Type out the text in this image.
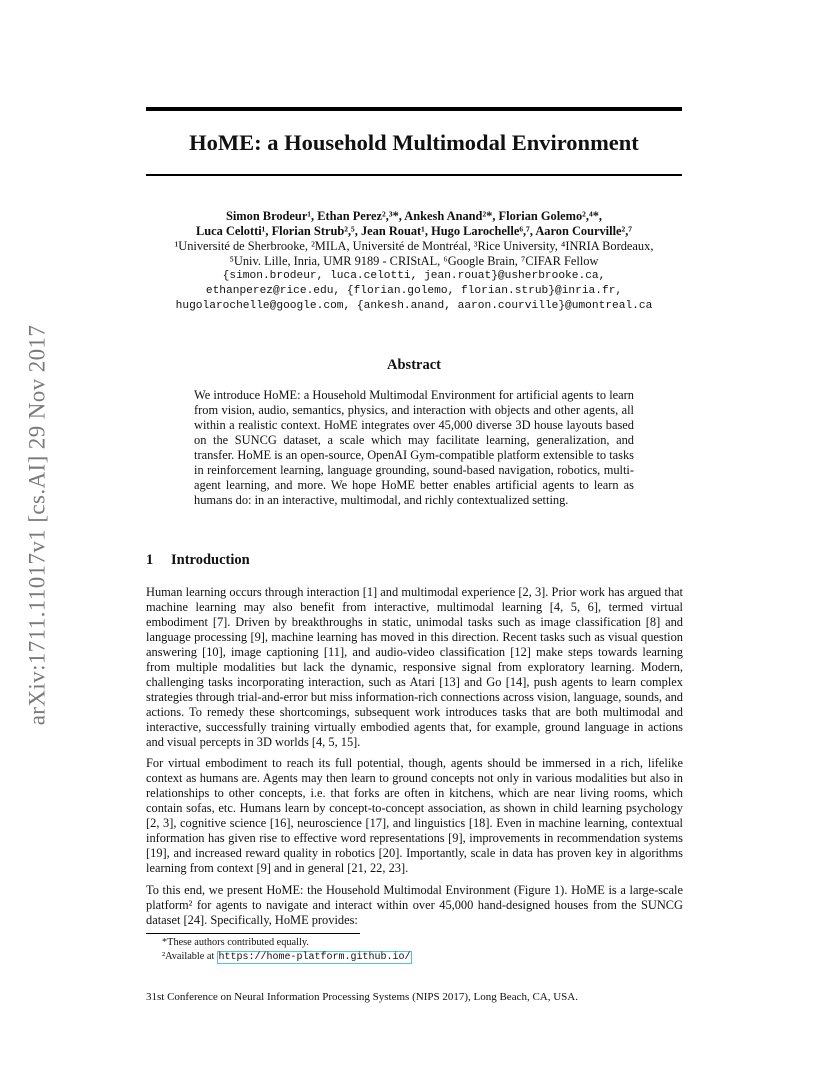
arXiv:1711.11017v1 [cs.AI] 29 Nov 2017
HoME: a Household Multimodal Environment
Simon Brodeur¹, Ethan Perez²,³*, Ankesh Anand²*, Florian Golemo²,⁴*,
Luca Celotti¹, Florian Strub²,⁵, Jean Rouat¹, Hugo Larochelle⁶,⁷, Aaron Courville²,⁷
¹Université de Sherbrooke, ²MILA, Université de Montréal, ³Rice University, ⁴INRIA Bordeaux,
⁵Univ. Lille, Inria, UMR 9189 - CRIStAL, ⁶Google Brain, ⁷CIFAR Fellow
{simon.brodeur, luca.celotti, jean.rouat}@usherbrooke.ca,
ethanperez@rice.edu, {florian.golemo, florian.strub}@inria.fr,
hugolarochelle@google.com, {ankesh.anand, aaron.courville}@umontreal.ca
Abstract

We introduce HoME: a Household Multimodal Environment for artificial agents to learn from vision, audio, semantics, physics, and interaction with objects and other agents, all within a realistic context. HoME integrates over 45,000 diverse 3D house layouts based on the SUNCG dataset, a scale which may facilitate learning, generalization, and transfer. HoME is an open-source, OpenAI Gym-compatible platform extensible to tasks in reinforcement learning, language grounding, sound-based navigation, robotics, multi-agent learning, and more. We hope HoME better enables artificial agents to learn as humans do: in an interactive, multimodal, and richly contextualized setting.

1 Introduction

Human learning occurs through interaction [1] and multimodal experience [2, 3]. Prior work has argued that machine learning may also benefit from interactive, multimodal learning [4, 5, 6], termed virtual embodiment [7]. Driven by breakthroughs in static, unimodal tasks such as image classification [8] and language processing [9], machine learning has moved in this direction. Recent tasks such as visual question answering [10], image captioning [11], and audio-video classification [12] make steps towards learning from multiple modalities but lack the dynamic, responsive signal from exploratory learning. Modern, challenging tasks incorporating interaction, such as Atari [13] and Go [14], push agents to learn complex strategies through trial-and-error but miss information-rich connections across vision, language, sounds, and actions. To remedy these shortcomings, subsequent work introduces tasks that are both multimodal and interactive, successfully training virtually embodied agents that, for example, ground language in actions and visual percepts in 3D worlds [4, 5, 15].

For virtual embodiment to reach its full potential, though, agents should be immersed in a rich, lifelike context as humans are. Agents may then learn to ground concepts not only in various modalities but also in relationships to other concepts, i.e. that forks are often in kitchens, which are near living rooms, which contain sofas, etc. Humans learn by concept-to-concept association, as shown in child learning psychology [2, 3], cognitive science [16], neuroscience [17], and linguistics [18]. Even in machine learning, contextual information has given rise to effective word representations [9], improvements in recommendation systems [19], and increased reward quality in robotics [20]. Importantly, scale in data has proven key in algorithms learning from context [9] and in general [21, 22, 23].

To this end, we present HoME: the Household Multimodal Environment (Figure 1). HoME is a large-scale platform² for agents to navigate and interact within over 45,000 hand-designed houses from the SUNCG dataset [24]. Specifically, HoME provides:

*These authors contributed equally.
²Available at https://home-platform.github.io/
31st Conference on Neural Information Processing Systems (NIPS 2017), Long Beach, CA, USA.
